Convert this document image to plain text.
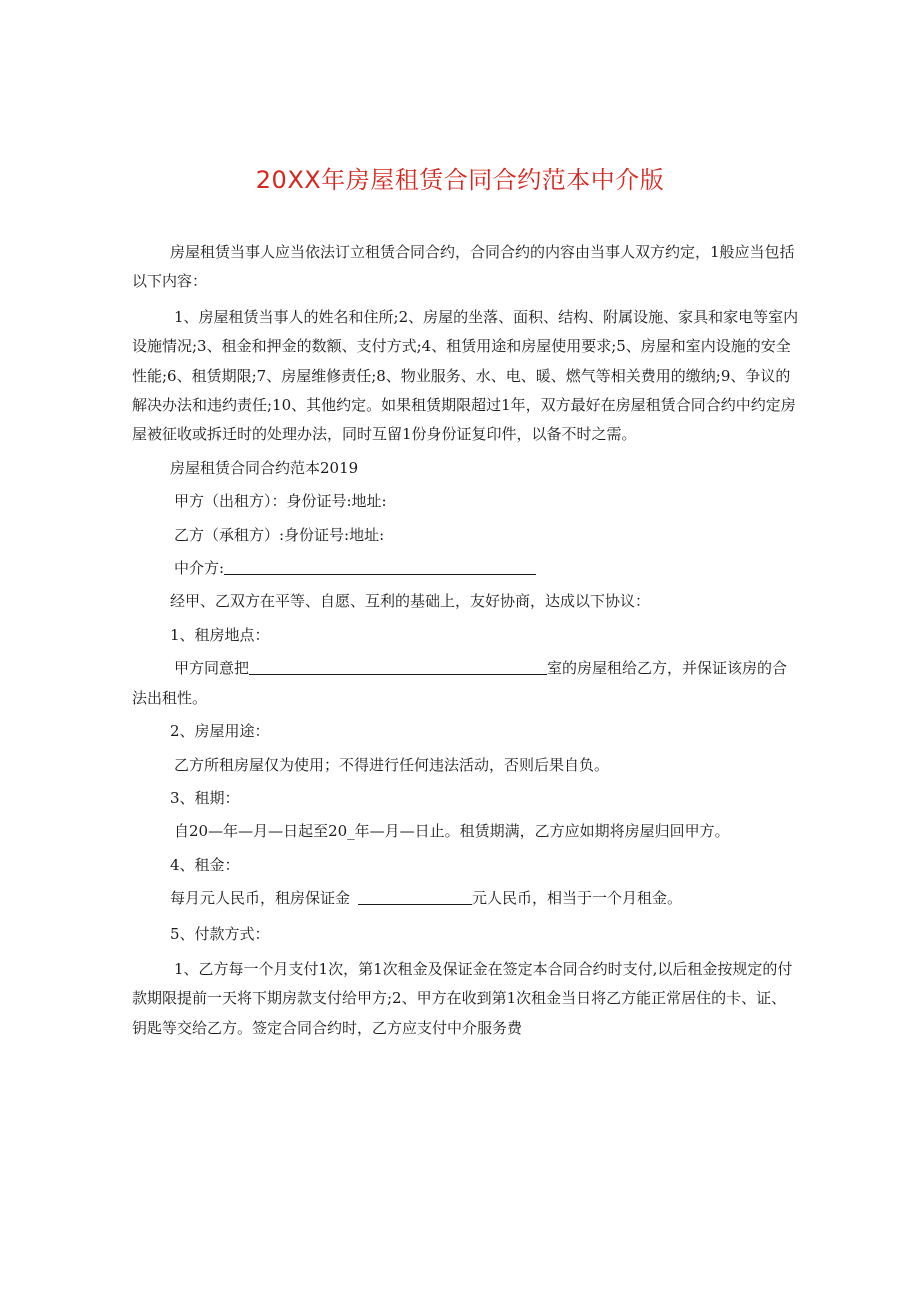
20XX年房屋租赁合同合约范本中介版

房屋租赁当事人应当依法订立租赁合同合约，合同合约的内容由当事人双方约定，1般应当包括以下内容：

1、房屋租赁当事人的姓名和住所;2、房屋的坐落、面积、结构、附属设施、家具和家电等室内设施情况;3、租金和押金的数额、支付方式;4、租赁用途和房屋使用要求;5、房屋和室内设施的安全性能;6、租赁期限;7、房屋维修责任;8、物业服务、水、电、暖、燃气等相关费用的缴纳;9、争议的解决办法和违约责任;10、其他约定。如果租赁期限超过1年，双方最好在房屋租赁合同合约中约定房屋被征收或拆迁时的处理办法，同时互留1份身份证复印件，以备不时之需。

房屋租赁合同合约范本2019

甲方（出租方）：身份证号:地址:

乙方（承租方）:身份证号:地址:

中介方:

经甲、乙双方在平等、自愿、互利的基础上，友好协商，达成以下协议：

1、租房地点：

甲方同意把	室的房屋租给乙方，并保证该房的合法出租性。

2、房屋用途：

乙方所租房屋仅为使用；不得进行任何违法活动，否则后果自负。

3、租期：

自20—年—月—日起至20_年—月—日止。租赁期满，乙方应如期将房屋归回甲方。

4、租金：

每月元人民币，租房保证金	元人民币，相当于一个月租金。

5、付款方式：

1、乙方每一个月支付1次，第1次租金及保证金在签定本合同合约时支付,以后租金按规定的付款期限提前一天将下期房款支付给甲方;2、甲方在收到第1次租金当日将乙方能正常居住的卡、证、钥匙等交给乙方。签定合同合约时，乙方应支付中介服务费
